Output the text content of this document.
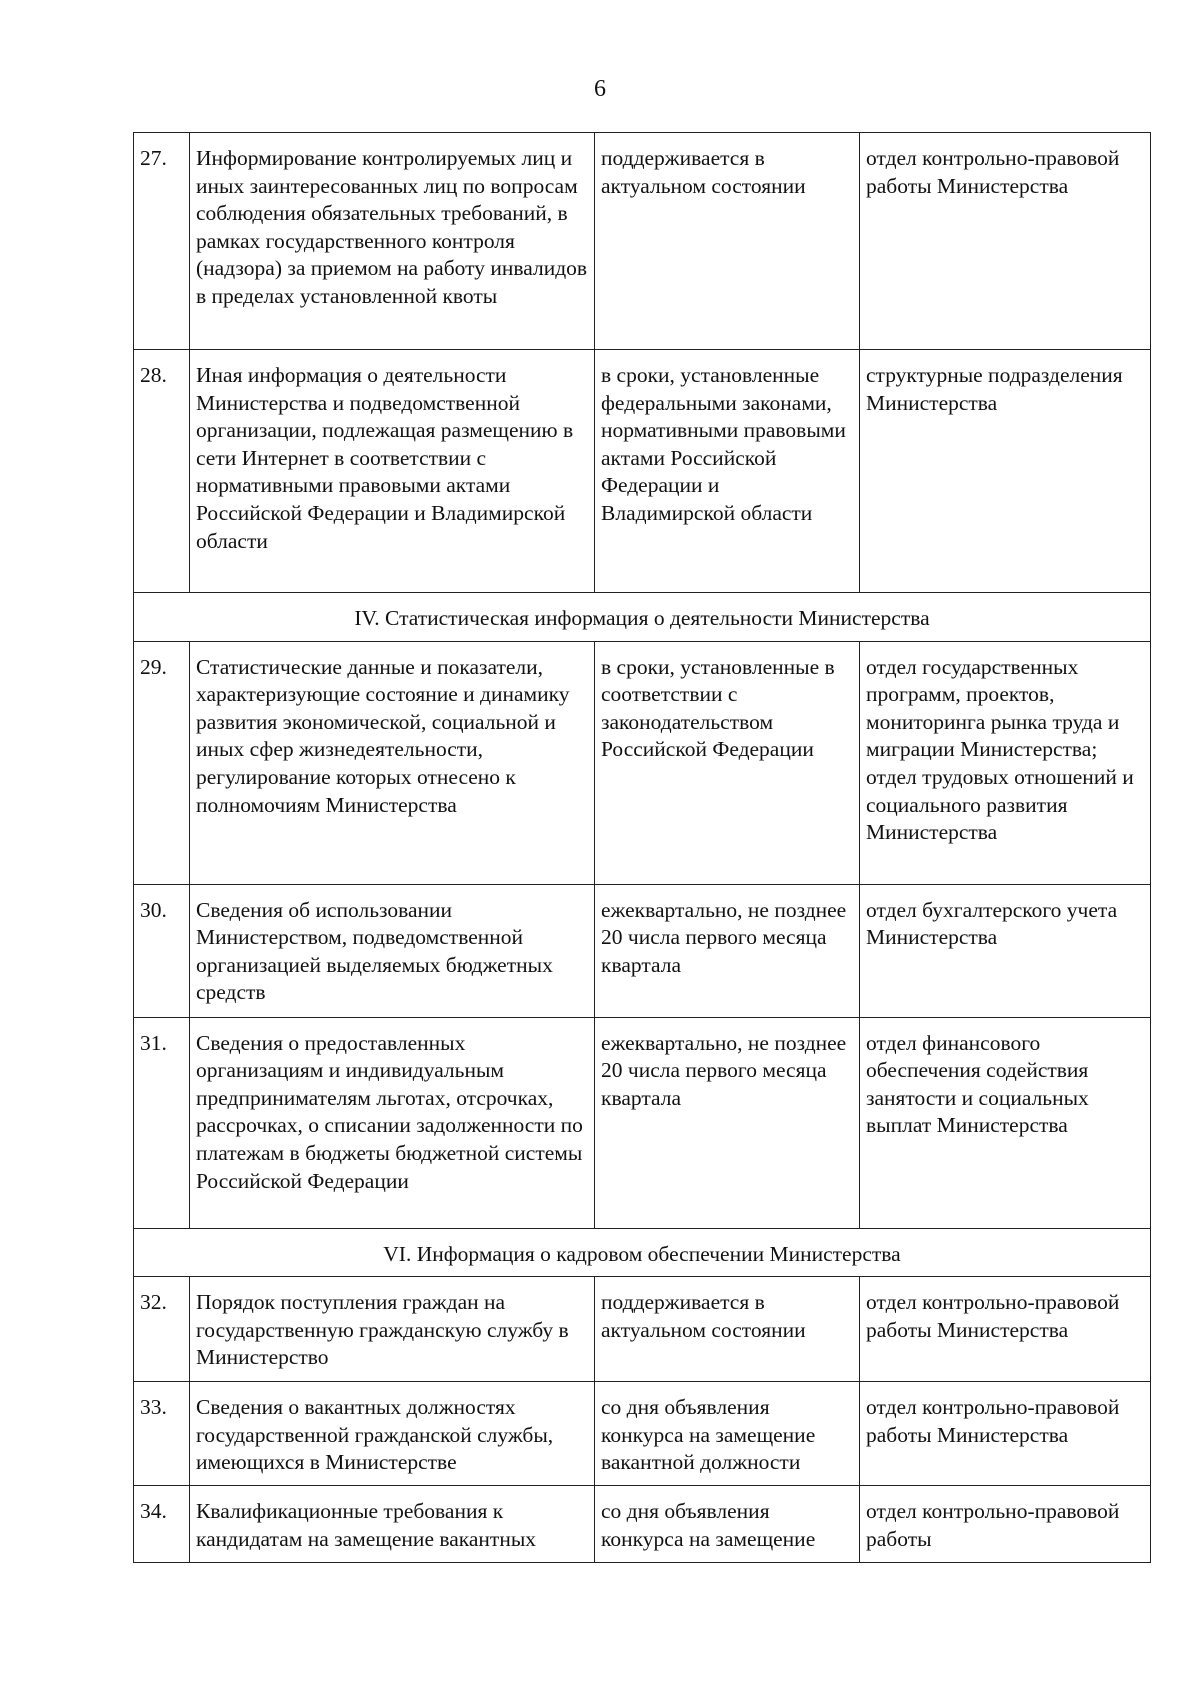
6
27.	Информирование контролируемых лиц и иных заинтересованных лиц по вопросам соблюдения обязательных требований, в рамках государственного контроля (надзора) за приемом на работу инвалидов в пределах установленной квоты	поддерживается в актуальном состоянии	отдел контрольно-правовой работы Министерства
28.	Иная информация о деятельности Министерства и подведомственной организации, подлежащая размещению в сети Интернет в соответствии с нормативными правовыми актами Российской Федерации и Владимирской области	в сроки, установленные федеральными законами, нормативными правовыми актами Российской Федерации и Владимирской области	структурные подразделения Министерства
IV. Статистическая информация о деятельности Министерства			
29.	Статистические данные и показатели, характеризующие состояние и динамику развития экономической, социальной и иных сфер жизнедеятельности, регулирование которых отнесено к полномочиям Министерства	в сроки, установленные в соответствии с законодательством Российской Федерации	отдел государственных программ, проектов, мониторинга рынка труда и миграции Министерства; отдел трудовых отношений и социального развития Министерства
30.	Сведения об использовании Министерством, подведомственной организацией выделяемых бюджетных средств	ежеквартально, не позднее 20 числа первого месяца квартала	отдел бухгалтерского учета Министерства
31.	Сведения о предоставленных организациям и индивидуальным предпринимателям льготах, отсрочках, рассрочках, о списании задолженности по платежам в бюджеты бюджетной системы Российской Федерации	ежеквартально, не позднее 20 числа первого месяца квартала	отдел финансового обеспечения содействия занятости и социальных выплат Министерства
VI. Информация о кадровом обеспечении Министерства			
32.	Порядок поступления граждан на государственную гражданскую службу в Министерство	поддерживается в актуальном состоянии	отдел контрольно-правовой работы Министерства
33.	Сведения о вакантных должностях государственной гражданской службы, имеющихся в Министерстве	со дня объявления конкурса на замещение вакантной должности	отдел контрольно-правовой работы Министерства
34.	Квалификационные требования к кандидатам на замещение вакантных	со дня объявления конкурса на замещение	отдел контрольно-правовой работы
